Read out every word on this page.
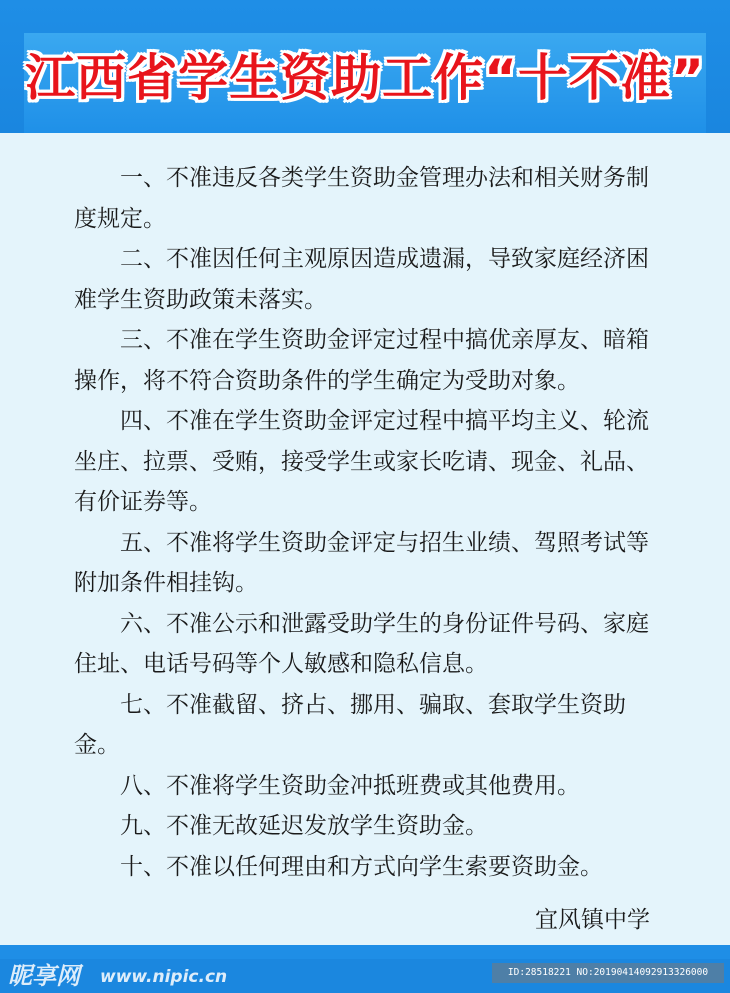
江西省学生资助工作“十不准”

一、不准违反各类学生资助金管理办法和相关财务制度规定。

二、不准因任何主观原因造成遗漏，导致家庭经济困难学生资助政策未落实。

三、不准在学生资助金评定过程中搞优亲厚友、暗箱操作，将不符合资助条件的学生确定为受助对象。

四、不准在学生资助金评定过程中搞平均主义、轮流坐庄、拉票、受贿，接受学生或家长吃请、现金、礼品、有价证券等。

五、不准将学生资助金评定与招生业绩、驾照考试等附加条件相挂钩。

六、不准公示和泄露受助学生的身份证件号码、家庭住址、电话号码等个人敏感和隐私信息。

七、不准截留、挤占、挪用、骗取、套取学生资助金。

八、不准将学生资助金冲抵班费或其他费用。

九、不准无故延迟发放学生资助金。

十、不准以任何理由和方式向学生索要资助金。

宜风镇中学
昵享网 www.nipic.cn	ID:28518221 NO:20190414092913326000
